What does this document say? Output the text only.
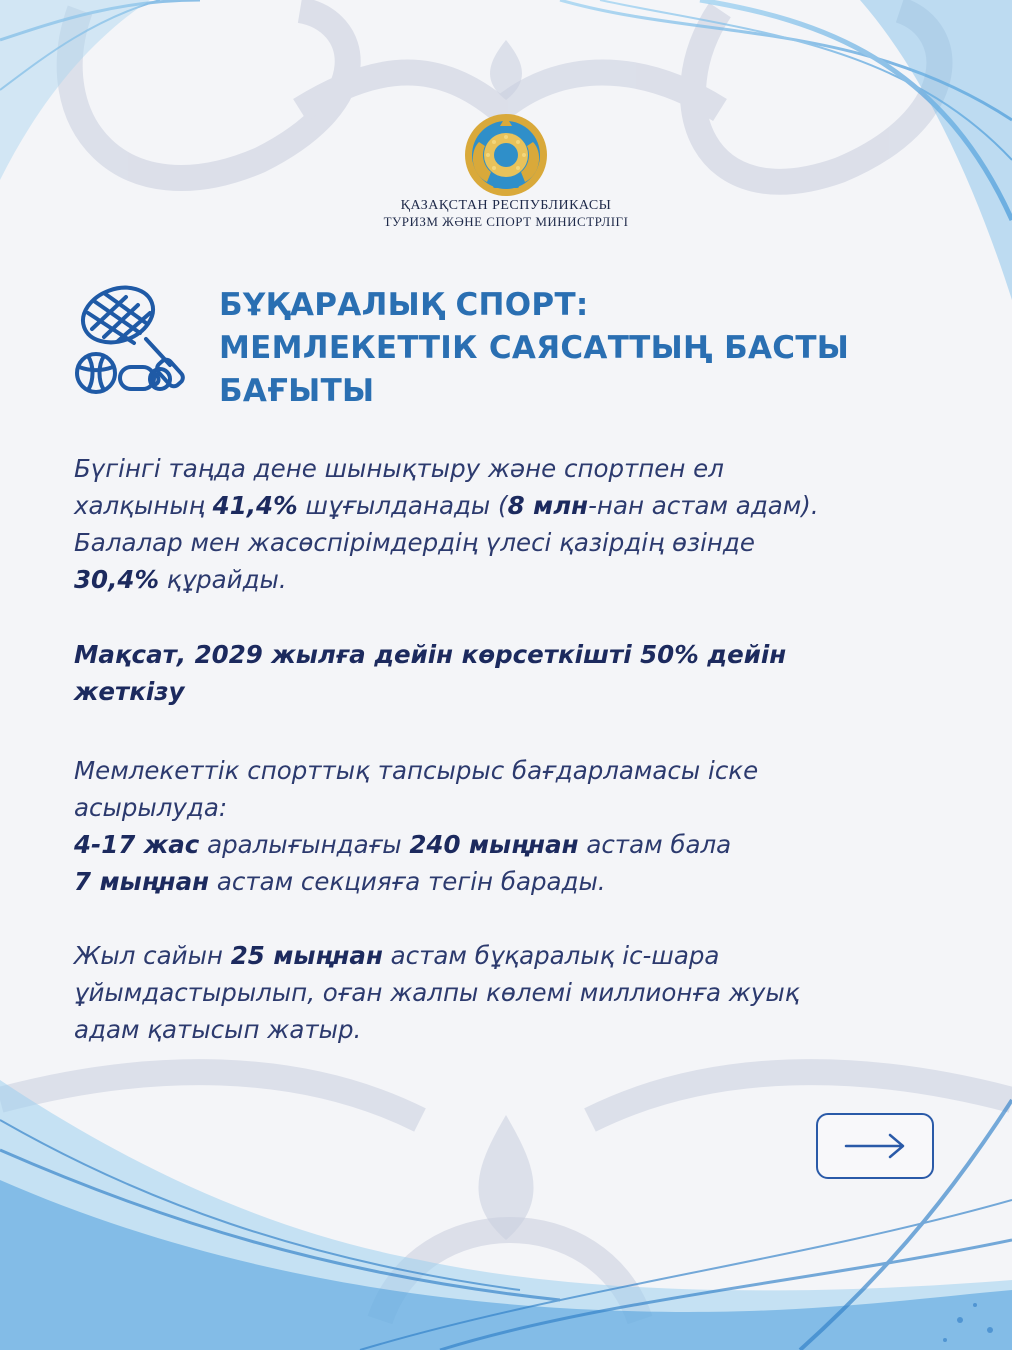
ҚАЗАҚСТАН РЕСПУБЛИКАСЫ
ТУРИЗМ ЖӘНЕ СПОРТ МИНИСТРЛІГІ
БҰҚАРАЛЫҚ СПОРТ:
МЕМЛЕКЕТТІК САЯСАТТЫҢ БАСТЫ
БАҒЫТЫ
Бүгінгі таңда дене шынықтыру және спортпен ел
халқының 41,4% шұғылданады (8 млн-нан астам адам).
Балалар мен жасөспірімдердің үлесі қазірдің өзінде
30,4% құрайды.
Мақсат, 2029 жылға дейін көрсеткішті 50% дейін
жеткізу
Мемлекеттік спорттық тапсырыс бағдарламасы іске
асырылуда:
4-17 жас аралығындағы 240 мыңнан астам бала
7 мыңнан астам секцияға тегін барады.
Жыл сайын 25 мыңнан астам бұқаралық іс-шара
ұйымдастырылып, оған жалпы көлемі миллионға жуық
адам қатысып жатыр.
